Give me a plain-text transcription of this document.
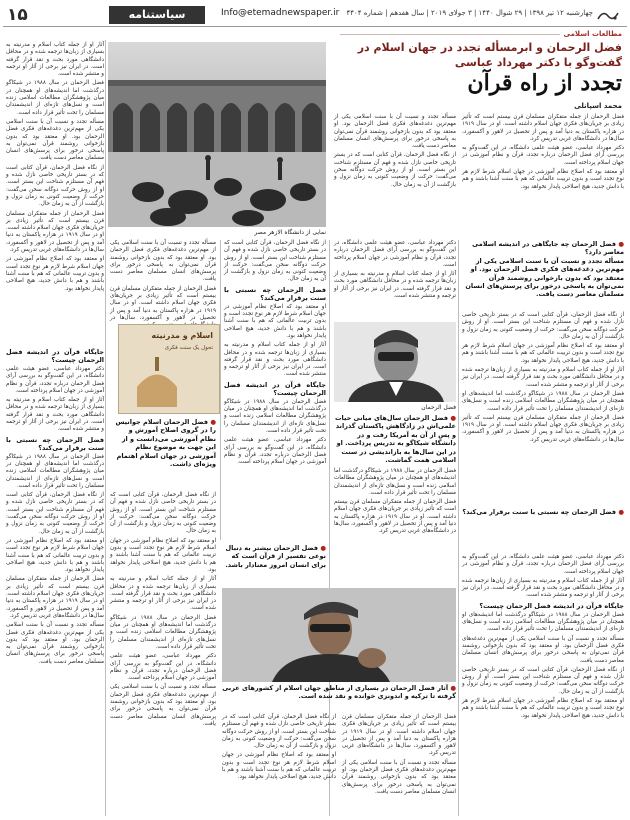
۱۵	سیاستنامه	Info@etemadnewspaper.ir	چهارشنبه ۱۲ تیر ۱۳۹۸ | ۲۹ شوال ۱۴۴۰ | ۳ جولای ۲۰۱۹ | سال هفدهم | شماره ۴۴۰۴
مطالعات اسلامی
فضل الرحمان و ابرمسأله تجدد در جهان اسلام در گفت‌وگو با دکتر مهرداد عباسی
تجدد از راه قرآن
محمد اسپانلی
نمایی از دانشگاه الازهر مصر

فضل الرحمان از جمله متفکران مسلمان قرن بیستم است که تأثیر زیادی بر جریان‌های فکری جهان اسلام داشته است. او در سال ۱۹۱۹ در هزاره پاکستان به دنیا آمد و پس از تحصیل در لاهور و آکسفورد، سال‌ها در دانشگاه‌های غربی تدریس کرد.

دکتر مهرداد عباسی، عضو هیئت علمی دانشگاه، در این گفت‌وگو به بررسی آرای فضل الرحمان درباره تجدد، قرآن و نظام آموزشی در جهان اسلام پرداخته است.

او معتقد بود که اصلاح نظام آموزشی در جهان اسلام شرط لازم هر نوع تجدد است و بدون تربیت عالمانی که هم با سنت آشنا باشند و هم با دانش جدید، هیچ اصلاحی پایدار نخواهد بود.

مسأله تجدد و نسبت آن با سنت اسلامی یکی از مهم‌ترین دغدغه‌های فکری فضل الرحمان بود. او معتقد بود که بدون بازخوانی روشمند قرآن نمی‌توان به پاسخی درخور برای پرسش‌های انسان مسلمان معاصر دست یافت.

از نگاه فضل الرحمان، قرآن کتابی است که در بستر تاریخی خاصی نازل شده و فهم آن مستلزم شناخت این بستر است. او از روش حرکت دوگانه سخن می‌گفت: حرکت از وضعیت کنونی به زمان نزول و بازگشت از آن به زمان حال.

آثار او از جمله کتاب اسلام و مدرنیته به بسیاری از زبان‌ها ترجمه شده و در محافل دانشگاهی مورد بحث و نقد قرار گرفته است. در ایران نیز برخی از آثار او ترجمه و منتشر شده است.

فضل الرحمان در سال ۱۹۸۸ در شیکاگو درگذشت اما اندیشه‌های او همچنان در میان پژوهشگران مطالعات اسلامی زنده است و نسل‌های تازه‌ای از اندیشمندان مسلمان را تحت تأثیر قرار داده است.

مسأله تجدد و نسبت آن با سنت اسلامی یکی از مهم‌ترین دغدغه‌های فکری فضل الرحمان بود. او معتقد بود که بدون بازخوانی روشمند قرآن نمی‌توان به پاسخی درخور برای پرسش‌های انسان مسلمان معاصر دست یافت.

از نگاه فضل الرحمان، قرآن کتابی است که در بستر تاریخی خاصی نازل شده و فهم آن مستلزم شناخت این بستر است. او از روش حرکت دوگانه سخن می‌گفت: حرکت از وضعیت کنونی به زمان نزول و بازگشت از آن به زمان حال.

فضل الرحمان از جمله متفکران مسلمان قرن بیستم است که تأثیر زیادی بر جریان‌های فکری جهان اسلام داشته است. او در سال ۱۹۱۹ در هزاره پاکستان به دنیا آمد و پس از تحصیل در لاهور و آکسفورد، سال‌ها در دانشگاه‌های غربی تدریس کرد.

او معتقد بود که اصلاح نظام آموزشی در جهان اسلام شرط لازم هر نوع تجدد است و بدون تربیت عالمانی که هم با سنت آشنا باشند و هم با دانش جدید، هیچ اصلاحی پایدار نخواهد بود.

● فضل الرحمان چه جایگاهی در اندیشه اسلامی معاصر دارد؟
مسأله تجدد و نسبت آن با سنت اسلامی یکی از مهم‌ترین دغدغه‌های فکری فضل الرحمان بود. او معتقد بود که بدون بازخوانی روشمند قرآن نمی‌توان به پاسخی درخور برای پرسش‌های انسان مسلمان معاصر دست یافت.

از نگاه فضل الرحمان، قرآن کتابی است که در بستر تاریخی خاصی نازل شده و فهم آن مستلزم شناخت این بستر است. او از روش حرکت دوگانه سخن می‌گفت: حرکت از وضعیت کنونی به زمان نزول و بازگشت از آن به زمان حال.

او معتقد بود که اصلاح نظام آموزشی در جهان اسلام شرط لازم هر نوع تجدد است و بدون تربیت عالمانی که هم با سنت آشنا باشند و هم با دانش جدید، هیچ اصلاحی پایدار نخواهد بود.

آثار او از جمله کتاب اسلام و مدرنیته به بسیاری از زبان‌ها ترجمه شده و در محافل دانشگاهی مورد بحث و نقد قرار گرفته است. در ایران نیز برخی از آثار او ترجمه و منتشر شده است.

فضل الرحمان در سال ۱۹۸۸ در شیکاگو درگذشت اما اندیشه‌های او همچنان در میان پژوهشگران مطالعات اسلامی زنده است و نسل‌های تازه‌ای از اندیشمندان مسلمان را تحت تأثیر قرار داده است.

فضل الرحمان از جمله متفکران مسلمان قرن بیستم است که تأثیر زیادی بر جریان‌های فکری جهان اسلام داشته است. او در سال ۱۹۱۹ در هزاره پاکستان به دنیا آمد و پس از تحصیل در لاهور و آکسفورد، سال‌ها در دانشگاه‌های غربی تدریس کرد.

فضل الرحمان
● فضل الرحمان سال‌های میانی حیات علمی‌اش در زادگاهش پاکستان گذراند و پس از آن به آمریکا رفت و در دانشگاه شیکاگو به تدریس پرداخت. او در این سال‌ها به بازاندیشی در سنت اسلامی همت گماشت.

دکتر مهرداد عباسی، عضو هیئت علمی دانشگاه، در این گفت‌وگو به بررسی آرای فضل الرحمان درباره تجدد، قرآن و نظام آموزشی در جهان اسلام پرداخته است.

آثار او از جمله کتاب اسلام و مدرنیته به بسیاری از زبان‌ها ترجمه شده و در محافل دانشگاهی مورد بحث و نقد قرار گرفته است. در ایران نیز برخی از آثار او ترجمه و منتشر شده است.

فضل الرحمان در سال ۱۹۸۸ در شیکاگو درگذشت اما اندیشه‌های او همچنان در میان پژوهشگران مطالعات اسلامی زنده است و نسل‌های تازه‌ای از اندیشمندان مسلمان را تحت تأثیر قرار داده است.

فضل الرحمان از جمله متفکران مسلمان قرن بیستم است که تأثیر زیادی بر جریان‌های فکری جهان اسلام داشته است. او در سال ۱۹۱۹ در هزاره پاکستان به دنیا آمد و پس از تحصیل در لاهور و آکسفورد، سال‌ها در دانشگاه‌های غربی تدریس کرد.

از نگاه فضل الرحمان، قرآن کتابی است که در بستر تاریخی خاصی نازل شده و فهم آن مستلزم شناخت این بستر است. او از روش حرکت دوگانه سخن می‌گفت: حرکت از وضعیت کنونی به زمان نزول و بازگشت از آن به زمان حال.

فضل الرحمان چه نسبتی با سنت برقرار می‌کند؟

او معتقد بود که اصلاح نظام آموزشی در جهان اسلام شرط لازم هر نوع تجدد است و بدون تربیت عالمانی که هم با سنت آشنا باشند و هم با دانش جدید، هیچ اصلاحی پایدار نخواهد بود.

آثار او از جمله کتاب اسلام و مدرنیته به بسیاری از زبان‌ها ترجمه شده و در محافل دانشگاهی مورد بحث و نقد قرار گرفته است. در ایران نیز برخی از آثار او ترجمه و منتشر شده است.

جایگاه قرآن در اندیشه فضل الرحمان چیست؟

فضل الرحمان در سال ۱۹۸۸ در شیکاگو درگذشت اما اندیشه‌های او همچنان در میان پژوهشگران مطالعات اسلامی زنده است و نسل‌های تازه‌ای از اندیشمندان مسلمان را تحت تأثیر قرار داده است.

دکتر مهرداد عباسی، عضو هیئت علمی دانشگاه، در این گفت‌وگو به بررسی آرای فضل الرحمان درباره تجدد، قرآن و نظام آموزشی در جهان اسلام پرداخته است.

مسأله تجدد و نسبت آن با سنت اسلامی یکی از مهم‌ترین دغدغه‌های فکری فضل الرحمان بود. او معتقد بود که بدون بازخوانی روشمند قرآن نمی‌توان به پاسخی درخور برای پرسش‌های انسان مسلمان معاصر دست یافت.

فضل الرحمان از جمله متفکران مسلمان قرن بیستم است که تأثیر زیادی بر جریان‌های فکری جهان اسلام داشته است. او در سال ۱۹۱۹ در هزاره پاکستان به دنیا آمد و پس از تحصیل در لاهور و آکسفورد، سال‌ها در

اسلام و مدرنیته
تحول یک سنت فکری
● فضل الرحمان اسلام جوانیس را در گروی اصلاح آموزش و نظام آموزشی می‌دانست و از این جهت به موضوع نظام آموزشی در جهان اسلام اهتمام ویژه‌ای داشت.

از نگاه فضل الرحمان، قرآن کتابی است که در بستر تاریخی خاصی نازل شده و فهم آن مستلزم شناخت این بستر است. او از روش حرکت دوگانه سخن می‌گفت: حرکت از وضعیت کنونی به زمان نزول و بازگشت از آن به زمان حال.

او معتقد بود که اصلاح نظام آموزشی در جهان اسلام شرط لازم هر نوع تجدد است و بدون تربیت عالمانی که هم با سنت آشنا باشند و هم با دانش جدید، هیچ اصلاحی پایدار نخواهد بود.

آثار او از جمله کتاب اسلام و مدرنیته به بسیاری از زبان‌ها ترجمه شده و در محافل دانشگاهی مورد بحث و نقد قرار گرفته است. در ایران نیز برخی از آثار او ترجمه و منتشر شده است.

فضل الرحمان در سال ۱۹۸۸ در شیکاگو درگذشت اما اندیشه‌های او همچنان در میان پژوهشگران مطالعات اسلامی زنده است و نسل‌های تازه‌ای از اندیشمندان مسلمان را تحت تأثیر قرار داده است.

دکتر مهرداد عباسی، عضو هیئت علمی دانشگاه، در این گفت‌وگو به بررسی آرای فضل الرحمان درباره تجدد، قرآن و نظام آموزشی در جهان اسلام پرداخته است.

مسأله تجدد و نسبت آن با سنت اسلامی یکی از مهم‌ترین دغدغه‌های فکری فضل الرحمان بود. او معتقد بود که بدون بازخوانی روشمند قرآن نمی‌توان به پاسخی درخور برای پرسش‌های انسان مسلمان معاصر دست یافت.

جایگاه قرآن در اندیشه فضل الرحمان چیست؟

دکتر مهرداد عباسی، عضو هیئت علمی دانشگاه، در این گفت‌وگو به بررسی آرای فضل الرحمان درباره تجدد، قرآن و نظام آموزشی در جهان اسلام پرداخته است.

آثار او از جمله کتاب اسلام و مدرنیته به بسیاری از زبان‌ها ترجمه شده و در محافل دانشگاهی مورد بحث و نقد قرار گرفته است. در ایران نیز برخی از آثار او ترجمه و منتشر شده است.

فضل الرحمان چه نسبتی با سنت برقرار می‌کند؟

فضل الرحمان در سال ۱۹۸۸ در شیکاگو درگذشت اما اندیشه‌های او همچنان در میان پژوهشگران مطالعات اسلامی زنده است و نسل‌های تازه‌ای از اندیشمندان مسلمان را تحت تأثیر قرار داده است.

از نگاه فضل الرحمان، قرآن کتابی است که در بستر تاریخی خاصی نازل شده و فهم آن مستلزم شناخت این بستر است. او از روش حرکت دوگانه سخن می‌گفت: حرکت از وضعیت کنونی به زمان نزول و بازگشت از آن به زمان حال.

او معتقد بود که اصلاح نظام آموزشی در جهان اسلام شرط لازم هر نوع تجدد است و بدون تربیت عالمانی که هم با سنت آشنا باشند و هم با دانش جدید، هیچ اصلاحی پایدار نخواهد بود.

فضل الرحمان از جمله متفکران مسلمان قرن بیستم است که تأثیر زیادی بر جریان‌های فکری جهان اسلام داشته است. او در سال ۱۹۱۹ در هزاره پاکستان به دنیا آمد و پس از تحصیل در لاهور و آکسفورد، سال‌ها در دانشگاه‌های غربی تدریس کرد.

مسأله تجدد و نسبت آن با سنت اسلامی یکی از مهم‌ترین دغدغه‌های فکری فضل الرحمان بود. او معتقد بود که بدون بازخوانی روشمند قرآن نمی‌توان به پاسخی درخور برای پرسش‌های انسان مسلمان معاصر دست یافت.

● فضل الرحمان بیشتر به دنبال نوعی تفسیر از قرآن است که برای انسان امروز معنادار باشد.
● آثار فضل الرحمان در بسیاری از مناطق جهان اسلام از کشورهای عربی گرفته تا ترکیه و اندونزی خوانده و نقد شده است.

فضل الرحمان از جمله متفکران مسلمان قرن بیستم است که تأثیر زیادی بر جریان‌های فکری جهان اسلام داشته است. او در سال ۱۹۱۹ در هزاره پاکستان به دنیا آمد و پس از تحصیل در لاهور و آکسفورد، سال‌ها در دانشگاه‌های غربی تدریس کرد.

مسأله تجدد و نسبت آن با سنت اسلامی یکی از مهم‌ترین دغدغه‌های فکری فضل الرحمان بود. او معتقد بود که بدون بازخوانی روشمند قرآن نمی‌توان به پاسخی درخور برای پرسش‌های انسان مسلمان معاصر دست یافت.

از نگاه فضل الرحمان، قرآن کتابی است که در بستر تاریخی خاصی نازل شده و فهم آن مستلزم شناخت این بستر است. او از روش حرکت دوگانه سخن می‌گفت: حرکت از وضعیت کنونی به زمان نزول و بازگشت از آن به زمان حال.

او معتقد بود که اصلاح نظام آموزشی در جهان اسلام شرط لازم هر نوع تجدد است و بدون تربیت عالمانی که هم با سنت آشنا باشند و هم با دانش جدید، هیچ اصلاحی پایدار نخواهد بود.

● فضل الرحمان چه نسبتی با سنت برقرار می‌کند؟

دکتر مهرداد عباسی، عضو هیئت علمی دانشگاه، در این گفت‌وگو به بررسی آرای فضل الرحمان درباره تجدد، قرآن و نظام آموزشی در جهان اسلام پرداخته است.

آثار او از جمله کتاب اسلام و مدرنیته به بسیاری از زبان‌ها ترجمه شده و در محافل دانشگاهی مورد بحث و نقد قرار گرفته است. در ایران نیز برخی از آثار او ترجمه و منتشر شده است.

جایگاه قرآن در اندیشه فضل الرحمان چیست؟

فضل الرحمان در سال ۱۹۸۸ در شیکاگو درگذشت اما اندیشه‌های او همچنان در میان پژوهشگران مطالعات اسلامی زنده است و نسل‌های تازه‌ای از اندیشمندان مسلمان را تحت تأثیر قرار داده است.

مسأله تجدد و نسبت آن با سنت اسلامی یکی از مهم‌ترین دغدغه‌های فکری فضل الرحمان بود. او معتقد بود که بدون بازخوانی روشمند قرآن نمی‌توان به پاسخی درخور برای پرسش‌های انسان مسلمان معاصر دست یافت.

از نگاه فضل الرحمان، قرآن کتابی است که در بستر تاریخی خاصی نازل شده و فهم آن مستلزم شناخت این بستر است. او از روش حرکت دوگانه سخن می‌گفت: حرکت از وضعیت کنونی به زمان نزول و بازگشت از آن به زمان حال.

او معتقد بود که اصلاح نظام آموزشی در جهان اسلام شرط لازم هر نوع تجدد است و بدون تربیت عالمانی که هم با سنت آشنا باشند و هم با دانش جدید، هیچ اصلاحی پایدار نخواهد بود.
